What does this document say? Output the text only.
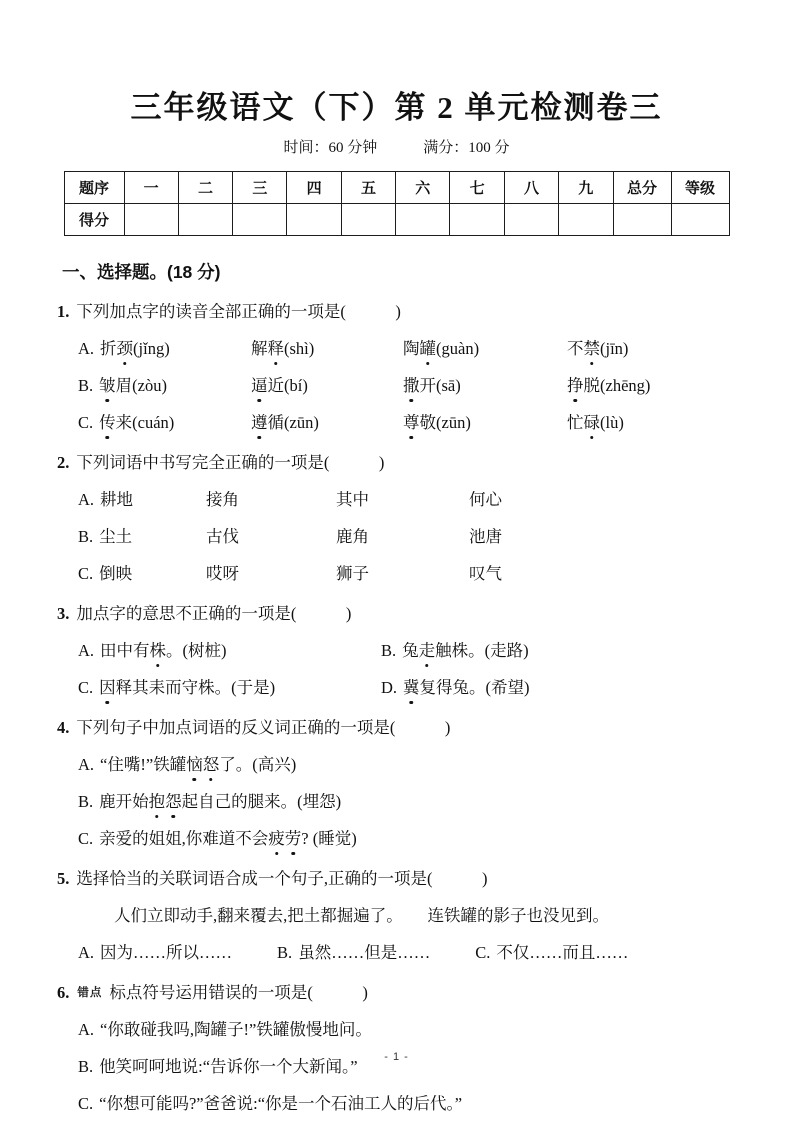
三年级语文（下）第 2 单元检测卷三
时间：60 分钟	满分：100 分
题序	一	二	三	四	五	六	七	八	九	总分	等级
得分											
一、选择题。(18 分)
1. 下列加点字的读音全部正确的一项是(　　　)
A. 折颈(jǐng)	解释(shì)	陶罐(guàn)	不禁(jīn)
B. 皱眉(zòu)	逼近(bí)	撒开(sā)	挣脱(zhēng)
C. 传来(cuán)	遵循(zūn)	尊敬(zūn)	忙碌(lù)
2. 下列词语中书写完全正确的一项是(　　　)
A. 耕地	接角	其中	何心
B. 尘土	古伐	鹿角	池唐
C. 倒映	哎呀	狮子	叹气
3. 加点字的意思不正确的一项是(　　　)
A. 田中有株。(树桩)	B. 兔走触株。(走路)
C. 因释其耒而守株。(于是)	D. 冀复得兔。(希望)
4. 下列句子中加点词语的反义词正确的一项是(　　　)
A. “住嘴!”铁罐恼怒了。(高兴)
B. 鹿开始抱怨起自己的腿来。(埋怨)
C. 亲爱的姐姐,你难道不会疲劳? (睡觉)
5. 选择恰当的关联词语合成一个句子,正确的一项是(　　　)
人们立即动手,翻来覆去,把土都掘遍了。　　连铁罐的影子也没见到。
A. 因为……所以……	B. 虽然……但是……	C. 不仅……而且……
6. 错点 标点符号运用错误的一项是(　　　)
A. “你敢碰我吗,陶罐子!”铁罐傲慢地问。
B. 他笑呵呵地说:“告诉你一个大新闻。”
C. “你想可能吗?”爸爸说:“你是一个石油工人的后代。”
- 1 -
